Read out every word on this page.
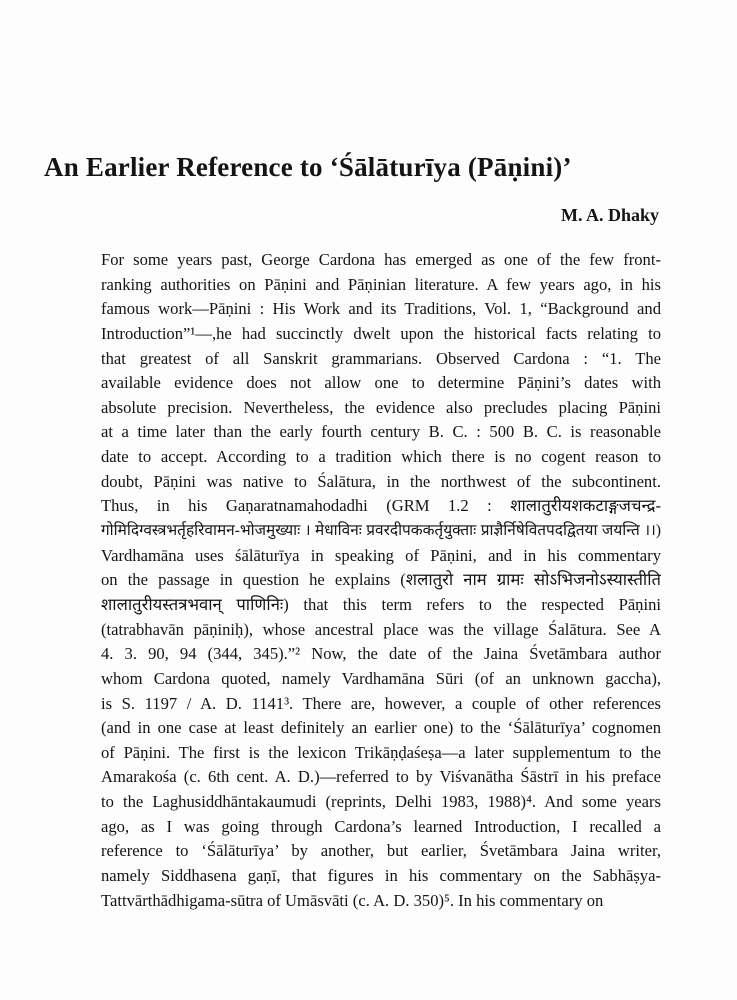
An Earlier Reference to ‘Śālāturīya (Pāṇini)’
M. A. Dhaky
For some years past, George Cardona has emerged as one of the few front-
ranking authorities on Pāṇini and Pāṇinian literature. A few years ago, in his
famous work—Pāṇini : His Work and its Traditions, Vol. 1, “Background and
Introduction”¹—,he had succinctly dwelt upon the historical facts relating to
that greatest of all Sanskrit grammarians. Observed Cardona : “1. The
available evidence does not allow one to determine Pāṇini’s dates with
absolute precision. Nevertheless, the evidence also precludes placing Pāṇini
at a time later than the early fourth century B. C. : 500 B. C. is reasonable
date to accept. According to a tradition which there is no cogent reason to
doubt, Pāṇini was native to Śalātura, in the northwest of the subcontinent.
Thus, in his Gaṇaratnamahodadhi (GRM 1.2 : शालातुरीयशकटाङ्गजचन्द्र-
गोमिदिग्वस्त्रभर्तृहरिवामन-भोजमुख्याः । मेधाविनः प्रवरदीपककर्तृयुक्ताः प्राज्ञैर्निषेवितपदद्वितया जयन्ति ।।)
Vardhamāna uses śālāturīya in speaking of Pāṇini, and in his commentary
on the passage in question he explains (शलातुरो नाम ग्रामः सोऽभिजनोऽस्यास्तीति
शालातुरीयस्तत्रभवान् पाणिनिः) that this term refers to the respected Pāṇini
(tatrabhavān pāṇiniḥ), whose ancestral place was the village Śalātura. See A
4. 3. 90, 94 (344, 345).”² Now, the date of the Jaina Śvetāmbara author
whom Cardona quoted, namely Vardhamāna Sūri (of an unknown gaccha),
is S. 1197 / A. D. 1141³. There are, however, a couple of other references
(and in one case at least definitely an earlier one) to the ‘Śālāturīya’ cognomen
of Pāṇini. The first is the lexicon Trikāṇḍaśeṣa—a later supplementum to the
Amarakośa (c. 6th cent. A. D.)—referred to by Viśvanātha Śāstrī in his preface
to the Laghusiddhāntakaumudi (reprints, Delhi 1983, 1988)⁴. And some years
ago, as I was going through Cardona’s learned Introduction, I recalled a
reference to ‘Śālāturīya’ by another, but earlier, Śvetāmbara Jaina writer,
namely Siddhasena gaṇī, that figures in his commentary on the Sabhāṣya-
Tattvārthādhigama-sūtra of Umāsvāti (c. A. D. 350)⁵. In his commentary on
